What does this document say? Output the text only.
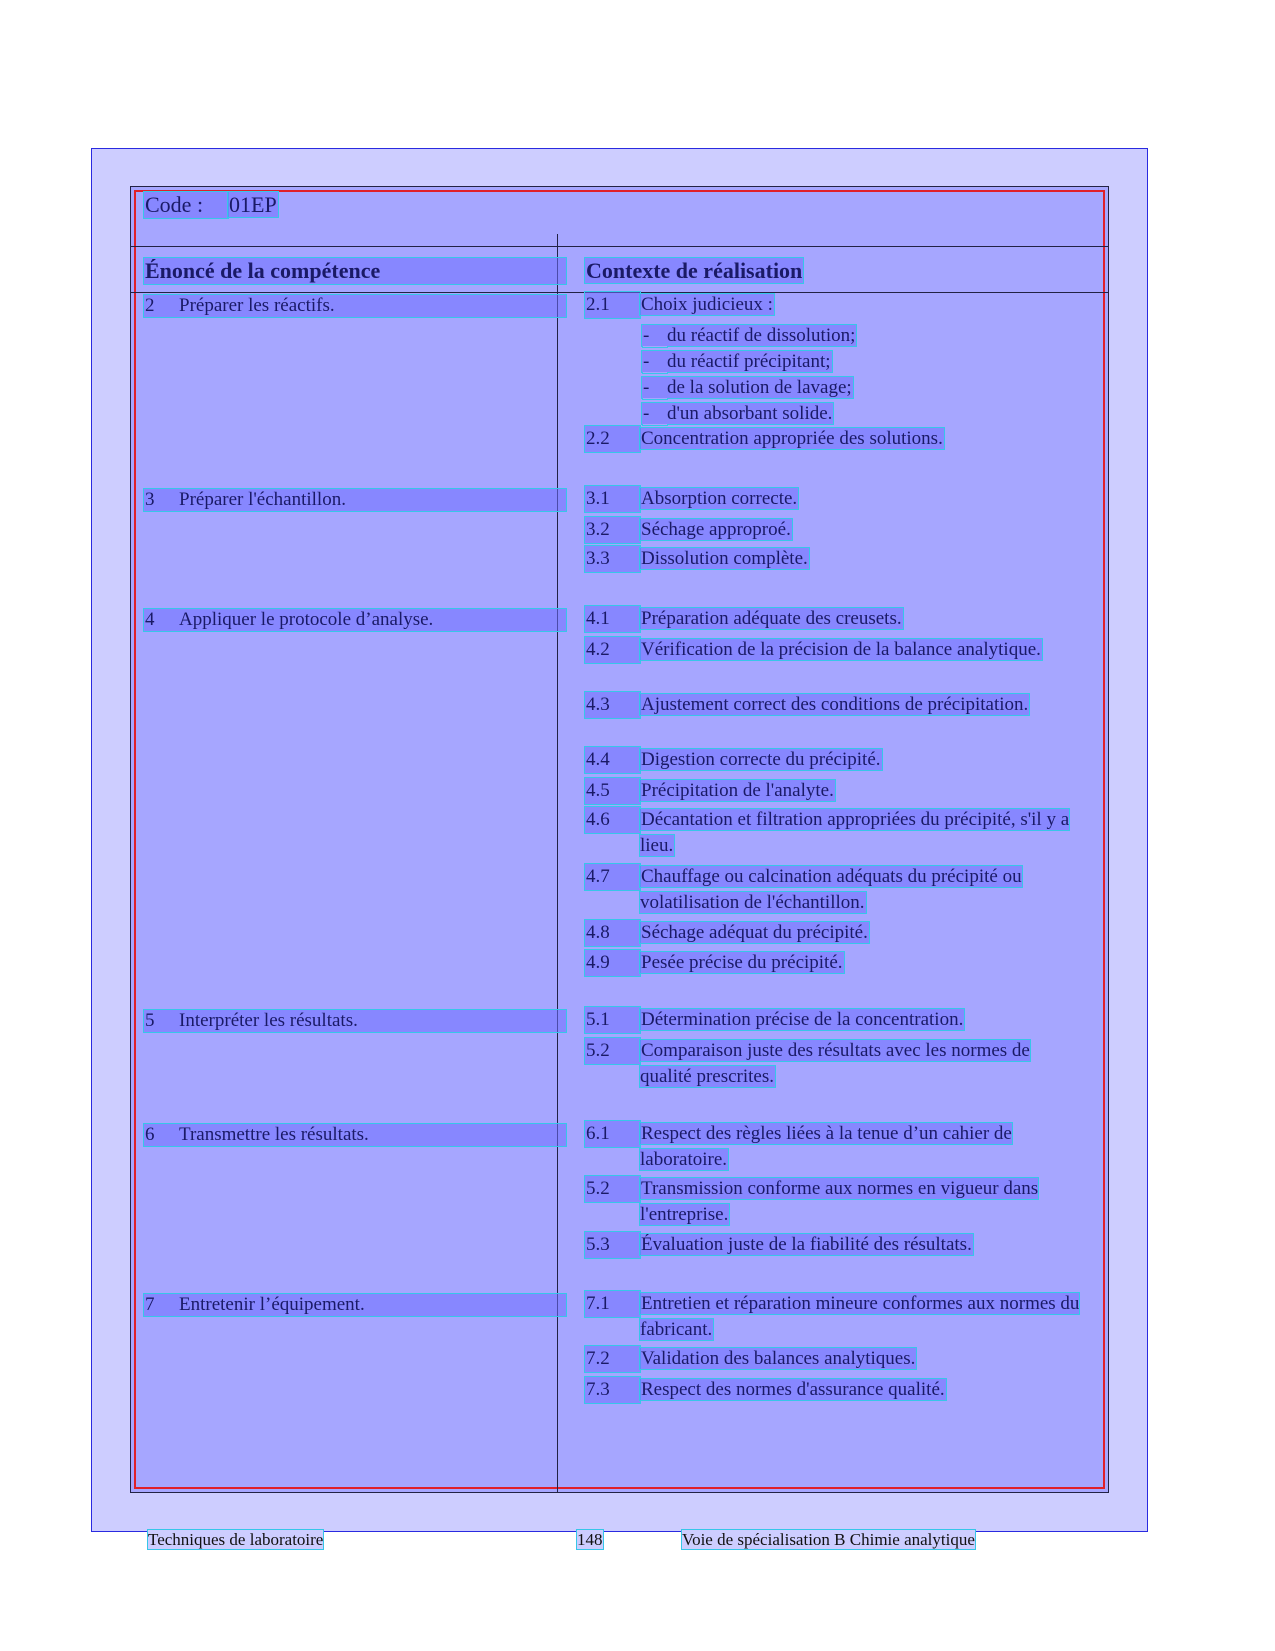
Code : 01EP
Énoncé de la compétence	Contexte de réalisation
2 Préparer les réactifs.	2.1 Choix judicieux :
- du réactif de dissolution;
- du réactif précipitant;
- de la solution de lavage;
- d'un absorbant solide.
2.2 Concentration appropriée des solutions.
3 Préparer l'échantillon.	3.1 Absorption correcte.
3.2 Séchage approproé.
3.3 Dissolution complète.
4 Appliquer le protocole d’analyse.	4.1 Préparation adéquate des creusets.
4.2 Vérification de la précision de la balance analytique.
4.3 Ajustement correct des conditions de précipitation.
4.4 Digestion correcte du précipité.
4.5 Précipitation de l'analyte.
4.6 Décantation et filtration appropriées du précipité, s'il y a lieu.
4.7 Chauffage ou calcination adéquats du précipité ou volatilisation de l'échantillon.
4.8 Séchage adéquat du précipité.
4.9 Pesée précise du précipité.
5 Interpréter les résultats.	5.1 Détermination précise de la concentration.
5.2 Comparaison juste des résultats avec les normes de qualité prescrites.
6 Transmettre les résultats.	6.1 Respect des règles liées à la tenue d’un cahier de laboratoire.
5.2 Transmission conforme aux normes en vigueur dans l'entreprise.
5.3 Évaluation juste de la fiabilité des résultats.
7 Entretenir l’équipement.	7.1 Entretien et réparation mineure conformes aux normes du fabricant.
7.2 Validation des balances analytiques.
7.3 Respect des normes d'assurance qualité.
Techniques de laboratoire	148	Voie de spécialisation B Chimie analytique
